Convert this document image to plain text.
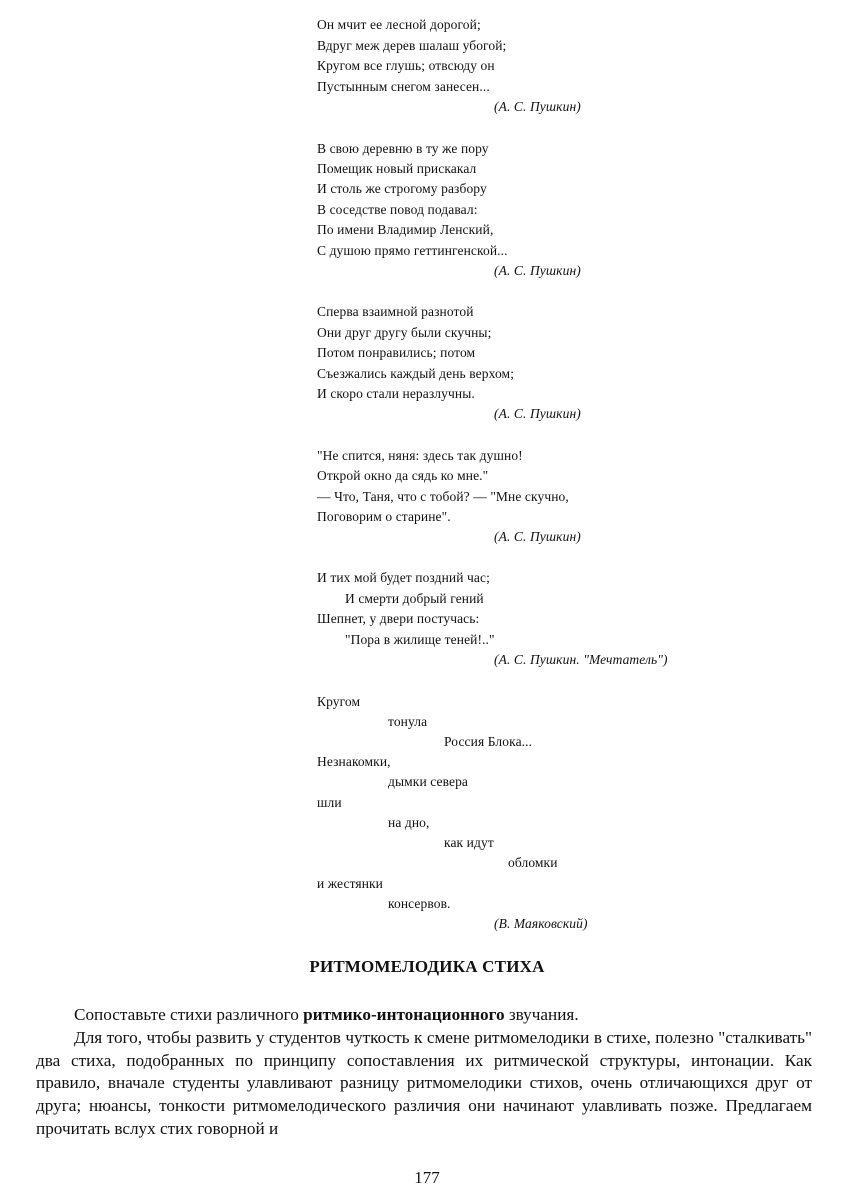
Он мчит ее лесной дорогой;
Вдруг меж дерев шалаш убогой;
Кругом все глушь; отвсюду он
Пустынным снегом занесен...
(А. С. Пушкин)
В свою деревню в ту же пору
Помещик новый прискакал
И столь же строгому разбору
В соседстве повод подавал:
По имени Владимир Ленский,
С душою прямо геттингенской...
(А. С. Пушкин)
Сперва взаимной разнотой
Они друг другу были скучны;
Потом понравились; потом
Съезжались каждый день верхом;
И скоро стали неразлучны.
(А. С. Пушкин)
"Не спится, няня: здесь так душно!
Открой окно да сядь ко мне."
— Что, Таня, что с тобой? — "Мне скучно,
Поговорим о старине".
(А. С. Пушкин)
И тих мой будет поздний час;
И смерти добрый гений
Шепнет, у двери постучась:
"Пора в жилище теней!.."
(А. С. Пушкин. "Мечтатель")
Кругом
тонула
Россия Блока...
Незнакомки,
дымки севера
шли
на дно,
как идут
обломки
и жестянки
консервов.
(В. Маяковский)
РИТМОМЕЛОДИКА СТИХА

Сопоставьте стихи различного ритмико-интонационного звучания.

Для того, чтобы развить у студентов чуткость к смене ритмомелодики в стихе, полезно "сталкивать" два стиха, подобранных по принципу сопоставления их ритмической структуры, интонации. Как правило, вначале студенты улавливают разницу ритмомелодики стихов, очень отличающихся друг от друга; нюансы, тонкости ритмомелодического различия они начинают улавливать позже. Предлагаем прочитать вслух стих говорной и

177
